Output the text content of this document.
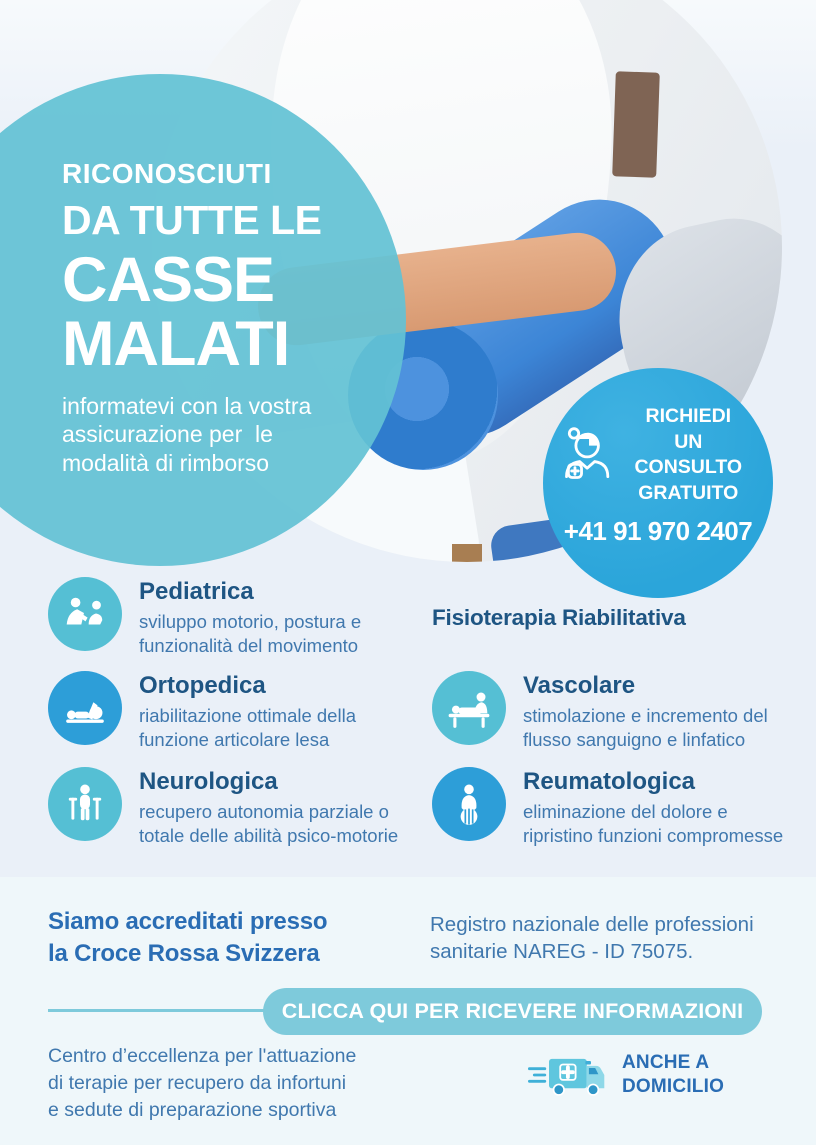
RICONOSCIUTI
DA TUTTE LE
CASSE
MALATI
informatevi con la vostra
assicurazione per  le
modalità di rimborso
RICHIEDI
UN CONSULTO
GRATUITO
+41 91 970 2407
Fisioterapia Riabilitativa
Pediatrica
sviluppo motorio, postura e
funzionalità del movimento
Ortopedica
riabilitazione ottimale della
funzione articolare lesa
Neurologica
recupero autonomia parziale o
totale delle abilità psico-motorie
Vascolare
stimolazione e incremento del
flusso sanguigno e linfatico
Reumatologica
eliminazione del dolore e
ripristino funzioni compromesse
Siamo accreditati presso
la Croce Rossa Svizzera
Registro nazionale delle professioni
sanitarie NAREG - ID 75075.
CLICCA QUI PER RICEVERE INFORMAZIONI
Centro d’eccellenza per l'attuazione
di terapie per recupero da infortuni
e sedute di preparazione sportiva
ANCHE A
DOMICILIO
